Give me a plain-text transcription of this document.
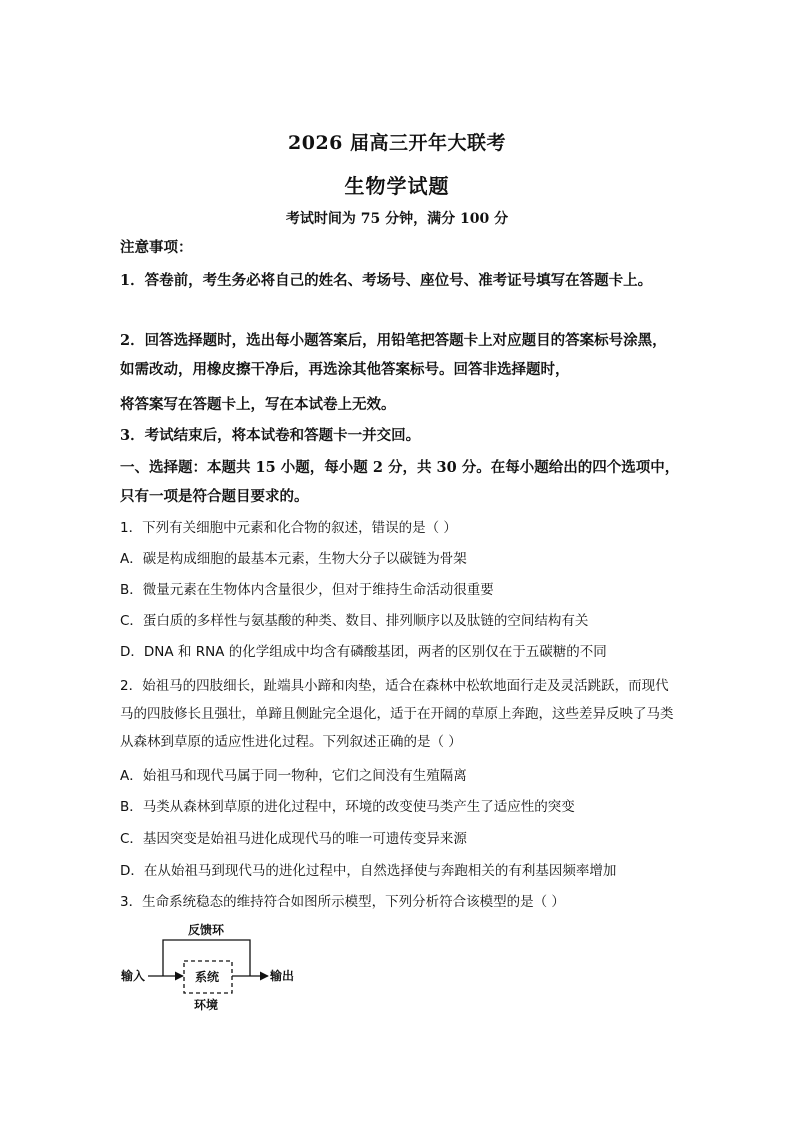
2026 届高三开年大联考
生物学试题
考试时间为 75 分钟，满分 100 分

注意事项：

1．答卷前，考生务必将自己的姓名、考场号、座位号、准考证号填写在答题卡上。

2．回答选择题时，选出每小题答案后，用铅笔把答题卡上对应题目的答案标号涂黑，如需改动，用橡皮擦干净后，再选涂其他答案标号。回答非选择题时，

将答案写在答题卡上，写在本试卷上无效。

3．考试结束后，将本试卷和答题卡一并交回。

一、选择题：本题共 15 小题，每小题 2 分，共 30 分。在每小题给出的四个选项中，只有一项是符合题目要求的。

1．下列有关细胞中元素和化合物的叙述，错误的是（ ）

A．碳是构成细胞的最基本元素，生物大分子以碳链为骨架

B．微量元素在生物体内含量很少，但对于维持生命活动很重要

C．蛋白质的多样性与氨基酸的种类、数目、排列顺序以及肽链的空间结构有关

D．DNA 和 RNA 的化学组成中均含有磷酸基团，两者的区别仅在于五碳糖的不同

2．始祖马的四肢细长，趾端具小蹄和肉垫，适合在森林中松软地面行走及灵活跳跃，而现代马的四肢修长且强壮，单蹄且侧趾完全退化，适于在开阔的草原上奔跑，这些差异反映了马类从森林到草原的适应性进化过程。下列叙述正确的是（ ）

A．始祖马和现代马属于同一物种，它们之间没有生殖隔离

B．马类从森林到草原的进化过程中，环境的改变使马类产生了适应性的突变

C．基因突变是始祖马进化成现代马的唯一可遗传变异来源

D．在从始祖马到现代马的进化过程中，自然选择使与奔跑相关的有利基因频率增加

3．生命系统稳态的维持符合如图所示模型，下列分析符合该模型的是（ ）

反馈环
输入	系统	输出
环境
